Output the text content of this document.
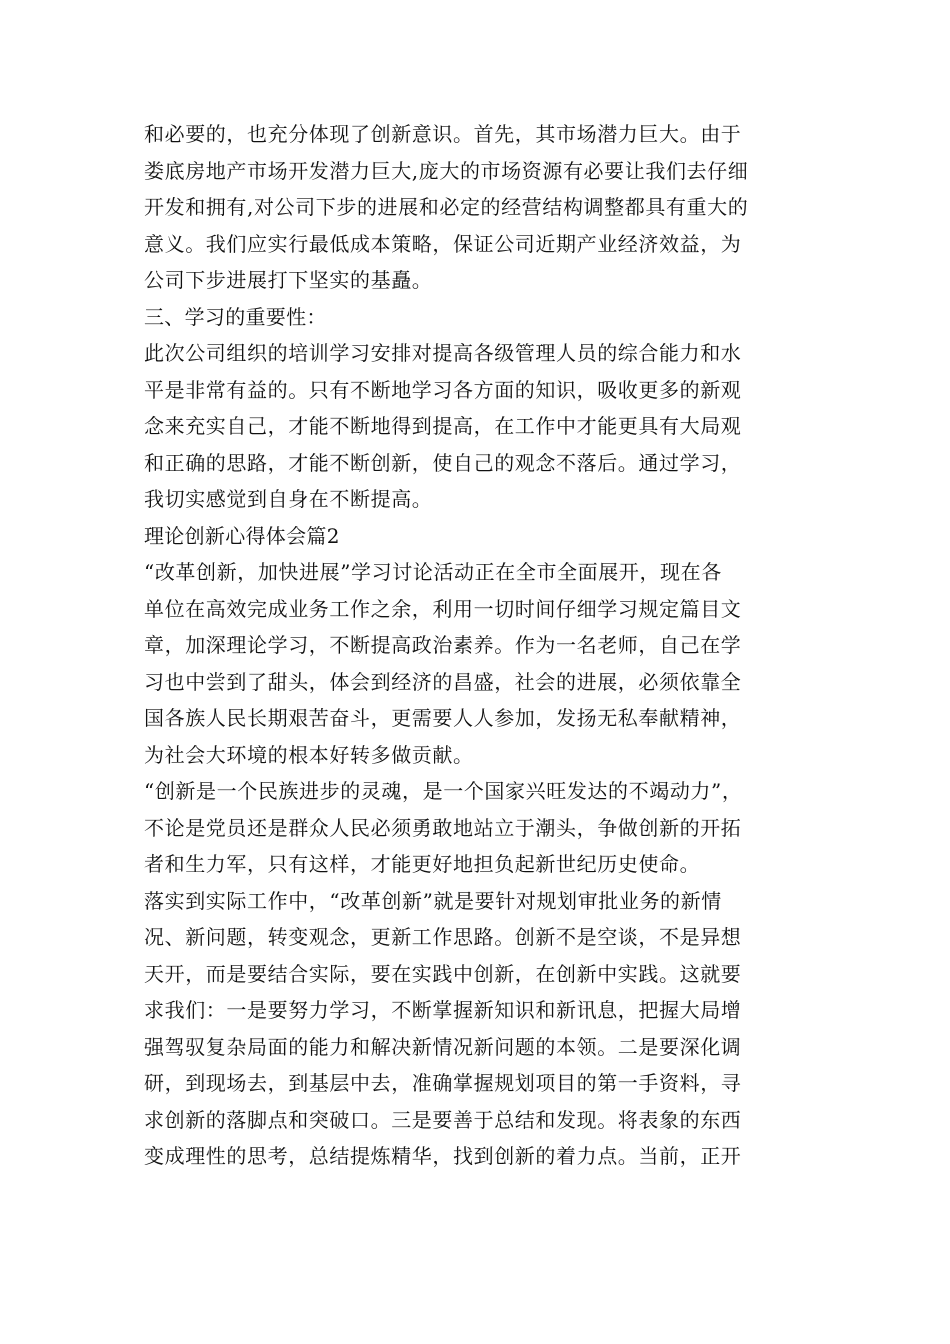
和必要的，也充分体现了创新意识。首先，其市场潜力巨大。由于
娄底房地产市场开发潜力巨大,庞大的市场资源有必要让我们去仔细
开发和拥有,对公司下步的进展和必定的经营结构调整都具有重大的
意义。我们应实行最低成本策略，保证公司近期产业经济效益，为
公司下步进展打下坚实的基矗。
三、学习的重要性：
此次公司组织的培训学习安排对提高各级管理人员的综合能力和水
平是非常有益的。只有不断地学习各方面的知识，吸收更多的新观
念来充实自己，才能不断地得到提高，在工作中才能更具有大局观
和正确的思路，才能不断创新，使自己的观念不落后。通过学习，
我切实感觉到自身在不断提高。
理论创新心得体会篇2
“改革创新，加快进展”学习讨论活动正在全市全面展开，现在各
单位在高效完成业务工作之余，利用一切时间仔细学习规定篇目文
章，加深理论学习，不断提高政治素养。作为一名老师，自己在学
习也中尝到了甜头，体会到经济的昌盛，社会的进展，必须依靠全
国各族人民长期艰苦奋斗，更需要人人参加，发扬无私奉献精神，
为社会大环境的根本好转多做贡献。
“创新是一个民族进步的灵魂，是一个国家兴旺发达的不竭动力”，
不论是党员还是群众人民必须勇敢地站立于潮头，争做创新的开拓
者和生力军，只有这样，才能更好地担负起新世纪历史使命。
落实到实际工作中，“改革创新”就是要针对规划审批业务的新情
况、新问题，转变观念，更新工作思路。创新不是空谈，不是异想
天开，而是要结合实际，要在实践中创新，在创新中实践。这就要
求我们：一是要努力学习，不断掌握新知识和新讯息，把握大局增
强驾驭复杂局面的能力和解决新情况新问题的本领。二是要深化调
研，到现场去，到基层中去，准确掌握规划项目的第一手资料，寻
求创新的落脚点和突破口。三是要善于总结和发现。将表象的东西
变成理性的思考，总结提炼精华，找到创新的着力点。当前，正开
